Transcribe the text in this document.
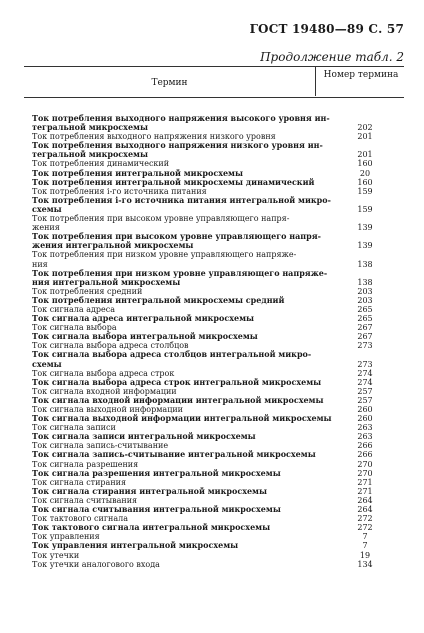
ГОСТ 19480—89 С. 57
Продолжение табл. 2
Термин
Номер термина
Ток потребления выходного напряжения высокого уровня ин-
тегральной микросхемы	202
Ток потребления выходного напряжения низкого уровня	201
Ток потребления выходного напряжения низкого уровня ин-
тегральной микросхемы	201
Ток потребления динамический	160
Ток потребления интегральной микросхемы	20
Ток потребления интегральной микросхемы динамический	160
Ток потребления i-го источника питания	159
Ток потребления i-го источника питания интегральной микро-
схемы	159
Ток потребления при высоком уровне управляющего напря-
жения	139
Ток потребления при высоком уровне управляющего напря-
жения интегральной микросхемы	139
Ток потребления при низком уровне управляющего напряже-
ния	138
Ток потребления при низком уровне управляющего напряже-
ния интегральной микросхемы	138
Ток потребления средний	203
Ток потребления интегральной микросхемы средний	203
Ток сигнала адреса	265
Ток сигнала адреса интегральной микросхемы	265
Ток сигнала выбора	267
Ток сигнала выбора интегральной микросхемы	267
Ток сигнала выбора адреса столбцов	273
Ток сигнала выбора адреса столбцов интегральной микро-
схемы	273
Ток сигнала выбора адреса строк	274
Ток сигнала выбора адреса строк интегральной микросхемы	274
Ток сигнала входной информации	257
Ток сигнала входной информации интегральной микросхемы	257
Ток сигнала выходной информации	260
Ток сигнала выходной информации интегральной микросхемы	260
Ток сигнала записи	263
Ток сигнала записи интегральной микросхемы	263
Ток сигнала запись-считывание	266
Ток сигнала запись-считывание интегральной микросхемы	266
Ток сигнала разрешения	270
Ток сигнала разрешения интегральной микросхемы	270
Ток сигнала стирания	271
Ток сигнала стирания интегральной микросхемы	271
Ток сигнала считывания	264
Ток сигнала считывания интегральной микросхемы	264
Ток тактового сигнала	272
Ток тактового сигнала интегральной микросхемы	272
Ток управления	7
Ток управления интегральной микросхемы	7
Ток утечки	19
Ток утечки аналогового входа	134
